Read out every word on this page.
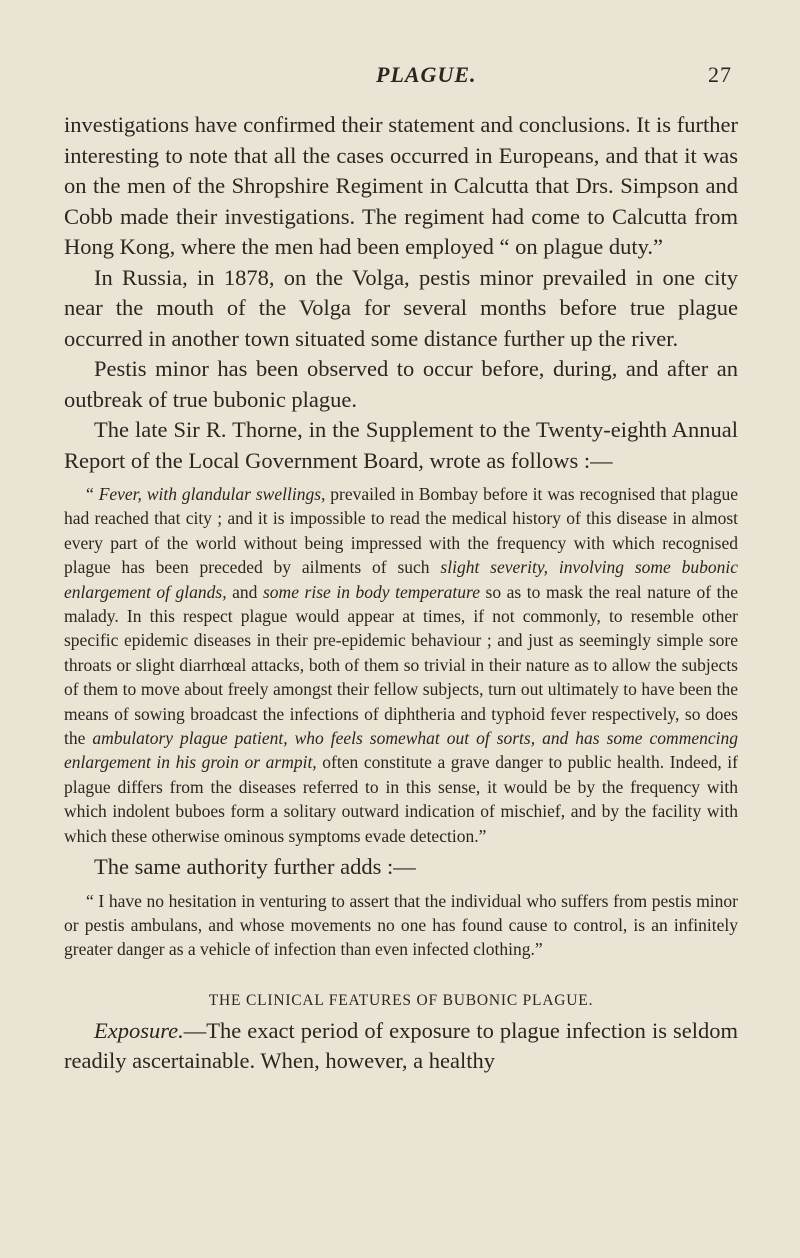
PLAGUE.	27

investigations have confirmed their statement and conclusions. It is further interesting to note that all the cases occurred in Europeans, and that it was on the men of the Shropshire Regiment in Calcutta that Drs. Simpson and Cobb made their investigations. The regiment had come to Calcutta from Hong Kong, where the men had been employed “ on plague duty.”

In Russia, in 1878, on the Volga, pestis minor prevailed in one city near the mouth of the Volga for several months before true plague occurred in another town situated some distance further up the river.

Pestis minor has been observed to occur before, during, and after an outbreak of true bubonic plague.

The late Sir R. Thorne, in the Supplement to the Twenty-eighth Annual Report of the Local Government Board, wrote as follows :—

“ Fever, with glandular swellings, prevailed in Bombay before it was recognised that plague had reached that city ; and it is impossible to read the medical history of this disease in almost every part of the world without being impressed with the frequency with which recognised plague has been preceded by ailments of such slight severity, involving some bubonic enlargement of glands, and some rise in body temperature so as to mask the real nature of the malady. In this respect plague would appear at times, if not commonly, to resemble other specific epidemic diseases in their pre-epidemic behaviour ; and just as seemingly simple sore throats or slight diarrhœal attacks, both of them so trivial in their nature as to allow the subjects of them to move about freely amongst their fellow subjects, turn out ultimately to have been the means of sowing broadcast the infections of diphtheria and typhoid fever respectively, so does the ambulatory plague patient, who feels somewhat out of sorts, and has some commencing enlargement in his groin or armpit, often constitute a grave danger to public health. Indeed, if plague differs from the diseases referred to in this sense, it would be by the frequency with which indolent buboes form a solitary outward indication of mischief, and by the facility with which these otherwise ominous symptoms evade detection.”

The same authority further adds :—

“ I have no hesitation in venturing to assert that the individual who suffers from pestis minor or pestis ambulans, and whose movements no one has found cause to control, is an infinitely greater danger as a vehicle of infection than even infected clothing.”

THE CLINICAL FEATURES OF BUBONIC PLAGUE.

Exposure.—The exact period of exposure to plague infection is seldom readily ascertainable. When, however, a healthy
